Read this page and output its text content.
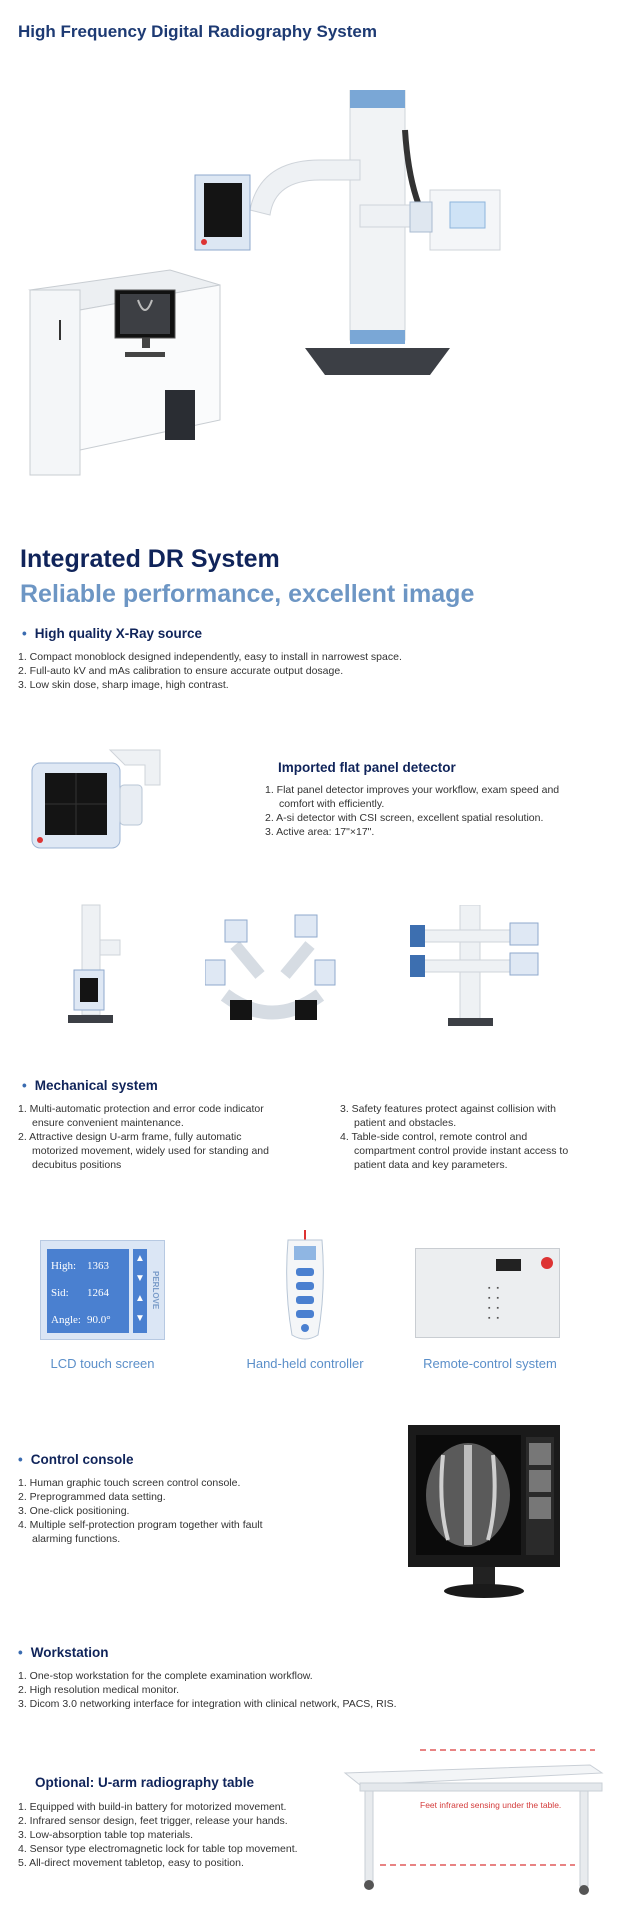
High Frequency Digital Radiography System
Integrated DR System
Reliable performance, excellent image
• High quality X-Ray source
1. Compact monoblock designed independently, easy to install in narrowest space.
2. Full-auto kV and mAs calibration to ensure accurate output dosage.
3. Low skin dose, sharp image, high contrast.
Imported flat panel detector
1. Flat panel detector improves your workflow, exam speed and comfort with efficiently.
2. A-si detector with CSI screen, excellent spatial resolution.
3. Active area: 17"×17".
• Mechanical system
1. Multi-automatic protection and error code indicator ensure convenient maintenance.
2. Attractive design U-arm frame, fully automatic motorized movement, widely used for standing and decubitus positions
3. Safety features protect against collision with patient and obstacles.
4. Table-side control, remote control and compartment control provide instant access to patient data and key parameters.
High: 1363
Sid: 1264
Angle: 90.0°
▲
▼
▲
▼
PERLOVE
LCD touch screen	Hand-held controller
▪▪
▪▪
▪▪
▪▪
Remote-control system
• Control console
1. Human graphic touch screen control console.
2. Preprogrammed data setting.
3. One-click positioning.
4. Multiple self-protection program together with fault alarming functions.
• Workstation
1. One-stop workstation for the complete examination workflow.
2. High resolution medical monitor.
3. Dicom 3.0 networking interface for integration with clinical network, PACS, RIS.
Optional: U-arm radiography table
1. Equipped with build-in battery for motorized movement.
2. Infrared sensor design, feet trigger, release your hands.
3. Low-absorption table top materials.
4. Sensor type electromagnetic lock for table top movement.
5. All-direct movement tabletop, easy to position.
Feet infrared sensing under the table.
